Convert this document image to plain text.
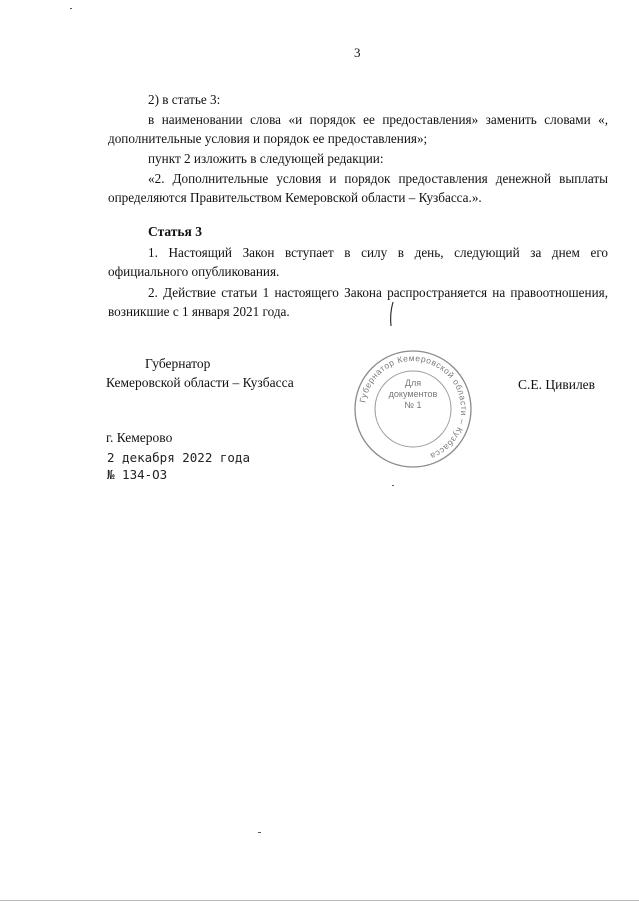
3
2) в статье 3:
в наименовании слова «и порядок ее предоставления» заменить словами «, дополнительные условия и порядок ее предоставления»;
пункт 2 изложить в следующей редакции:
«2. Дополнительные условия и порядок предоставления денежной выплаты определяются Правительством Кемеровской области – Кузбасса.».
Статья 3
1. Настоящий Закон вступает в силу в день, следующий за днем его официального опубликования.
2. Действие статьи 1 настоящего Закона распространяется на правоотношения, возникшие с 1 января 2021 года.
Губернатор
Кемеровской области – Кузбасса	С.Е. Цивилев
Губернатор Кемеровской области – Кузбасса
Для
документов
№ 1
г. Кемерово
2 декабря 2022 года
№ 134-ОЗ
